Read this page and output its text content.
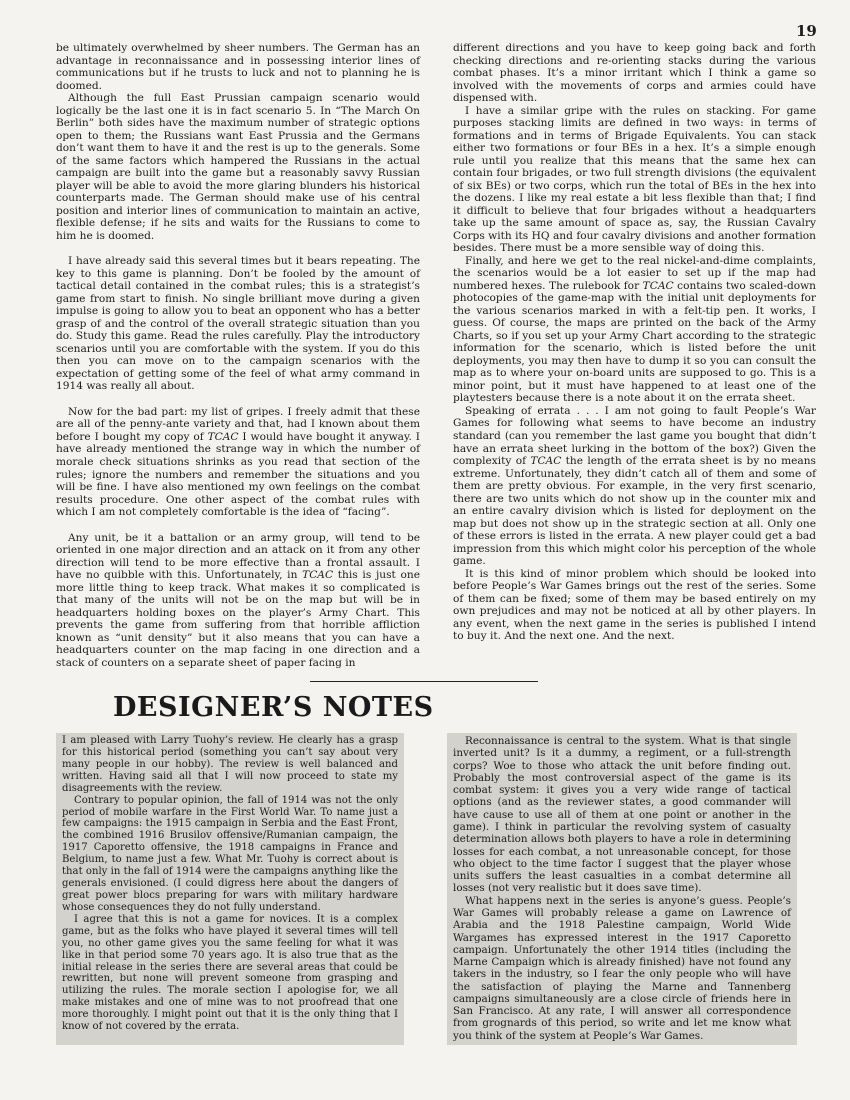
19

be ultimately overwhelmed by sheer numbers. The German has an advantage in reconnaissance and in possessing interior lines of communications but if he trusts to luck and not to planning he is doomed.

Although the full East Prussian campaign scenario would logically be the last one it is in fact scenario 5. In “The March On Berlin” both sides have the maximum number of strategic options open to them; the Russians want East Prussia and the Germans don’t want them to have it and the rest is up to the generals. Some of the same factors which hampered the Russians in the actual campaign are built into the game but a reasonably savvy Russian player will be able to avoid the more glaring blunders his historical counterparts made. The German should make use of his central position and interior lines of communication to maintain an active, flexible defense; if he sits and waits for the Russians to come to him he is doomed.

I have already said this several times but it bears repeating. The key to this game is planning. Don’t be fooled by the amount of tactical detail contained in the combat rules; this is a strategist’s game from start to finish. No single brilliant move during a given impulse is going to allow you to beat an opponent who has a better grasp of and the control of the overall strategic situation than you do. Study this game. Read the rules carefully. Play the introductory scenarios until you are comfortable with the system. If you do this then you can move on to the campaign scenarios with the expectation of getting some of the feel of what army command in 1914 was really all about.

Now for the bad part: my list of gripes. I freely admit that these are all of the penny-ante variety and that, had I known about them before I bought my copy of TCAC I would have bought it anyway. I have already mentioned the strange way in which the number of morale check situations shrinks as you read that section of the rules; ignore the numbers and remember the situations and you will be fine. I have also mentioned my own feelings on the combat results procedure. One other aspect of the combat rules with which I am not completely comfortable is the idea of “facing”.

Any unit, be it a battalion or an army group, will tend to be oriented in one major direction and an attack on it from any other direction will tend to be more effective than a frontal assault. I have no quibble with this. Unfortunately, in TCAC this is just one more little thing to keep track. What makes it so complicated is that many of the units will not be on the map but will be in headquarters holding boxes on the player’s Army Chart. This prevents the game from suffering from that horrible affliction known as “unit density” but it also means that you can have a headquarters counter on the map facing in one direction and a stack of counters on a separate sheet of paper facing in

different directions and you have to keep going back and forth checking directions and re-orienting stacks during the various combat phases. It’s a minor irritant which I think a game so involved with the movements of corps and armies could have dispensed with.

I have a similar gripe with the rules on stacking. For game purposes stacking limits are defined in two ways: in terms of formations and in terms of Brigade Equivalents. You can stack either two formations or four BEs in a hex. It’s a simple enough rule until you realize that this means that the same hex can contain four brigades, or two full strength divisions (the equivalent of six BEs) or two corps, which run the total of BEs in the hex into the dozens. I like my real estate a bit less flexible than that; I find it difficult to believe that four brigades without a headquarters take up the same amount of space as, say, the Russian Cavalry Corps with its HQ and four cavalry divisions and another formation besides. There must be a more sensible way of doing this.

Finally, and here we get to the real nickel-and-dime complaints, the scenarios would be a lot easier to set up if the map had numbered hexes. The rulebook for TCAC contains two scaled-down photocopies of the game-map with the initial unit deployments for the various scenarios marked in with a felt-tip pen. It works, I guess. Of course, the maps are printed on the back of the Army Charts, so if you set up your Army Chart according to the strategic information for the scenario, which is listed before the unit deployments, you may then have to dump it so you can consult the map as to where your on-board units are supposed to go. This is a minor point, but it must have happened to at least one of the playtesters because there is a note about it on the errata sheet.

Speaking of errata . . . I am not going to fault People’s War Games for following what seems to have become an industry standard (can you remember the last game you bought that didn’t have an errata sheet lurking in the bottom of the box?) Given the complexity of TCAC the length of the errata sheet is by no means extreme. Unfortunately, they didn’t catch all of them and some of them are pretty obvious. For example, in the very first scenario, there are two units which do not show up in the counter mix and an entire cavalry division which is listed for deployment on the map but does not show up in the strategic section at all. Only one of these errors is listed in the errata. A new player could get a bad impression from this which might color his perception of the whole game.

It is this kind of minor problem which should be looked into before People’s War Games brings out the rest of the series. Some of them can be fixed; some of them may be based entirely on my own prejudices and may not be noticed at all by other players. In any event, when the next game in the series is published I intend to buy it. And the next one. And the next.

DESIGNER’S NOTES

I am pleased with Larry Tuohy’s review. He clearly has a grasp for this historical period (something you can’t say about very many people in our hobby). The review is well balanced and written. Having said all that I will now proceed to state my disagreements with the review.

Contrary to popular opinion, the fall of 1914 was not the only period of mobile warfare in the First World War. To name just a few campaigns: the 1915 campaign in Serbia and the East Front, the combined 1916 Brusilov offensive/Rumanian campaign, the 1917 Caporetto offensive, the 1918 campaigns in France and Belgium, to name just a few. What Mr. Tuohy is correct about is that only in the fall of 1914 were the campaigns anything like the generals envisioned. (I could digress here about the dangers of great power blocs preparing for wars with military hardware whose consequences they do not fully understand.

I agree that this is not a game for novices. It is a complex game, but as the folks who have played it several times will tell you, no other game gives you the same feeling for what it was like in that period some 70 years ago. It is also true that as the initial release in the series there are several areas that could be rewritten, but none will prevent someone from grasping and utilizing the rules. The morale section I apologise for, we all make mistakes and one of mine was to not proofread that one more thoroughly. I might point out that it is the only thing that I know of not covered by the errata.

Reconnaissance is central to the system. What is that single inverted unit? Is it a dummy, a regiment, or a full-strength corps? Woe to those who attack the unit before finding out. Probably the most controversial aspect of the game is its combat system: it gives you a very wide range of tactical options (and as the reviewer states, a good commander will have cause to use all of them at one point or another in the game). I think in particular the revolving system of casualty determination allows both players to have a role in determining losses for each combat, a not unreasonable concept, for those who object to the time factor I suggest that the player whose units suffers the least casualties in a combat determine all losses (not very realistic but it does save time).

What happens next in the series is anyone’s guess. People’s War Games will probably release a game on Lawrence of Arabia and the 1918 Palestine campaign, World Wide Wargames has expressed interest in the 1917 Caporetto campaign. Unfortunately the other 1914 titles (including the Marne Campaign which is already finished) have not found any takers in the industry, so I fear the only people who will have the satisfaction of playing the Marne and Tannenberg campaigns simultaneously are a close circle of friends here in San Francisco. At any rate, I will answer all correspondence from grognards of this period, so write and let me know what you think of the system at People’s War Games.
